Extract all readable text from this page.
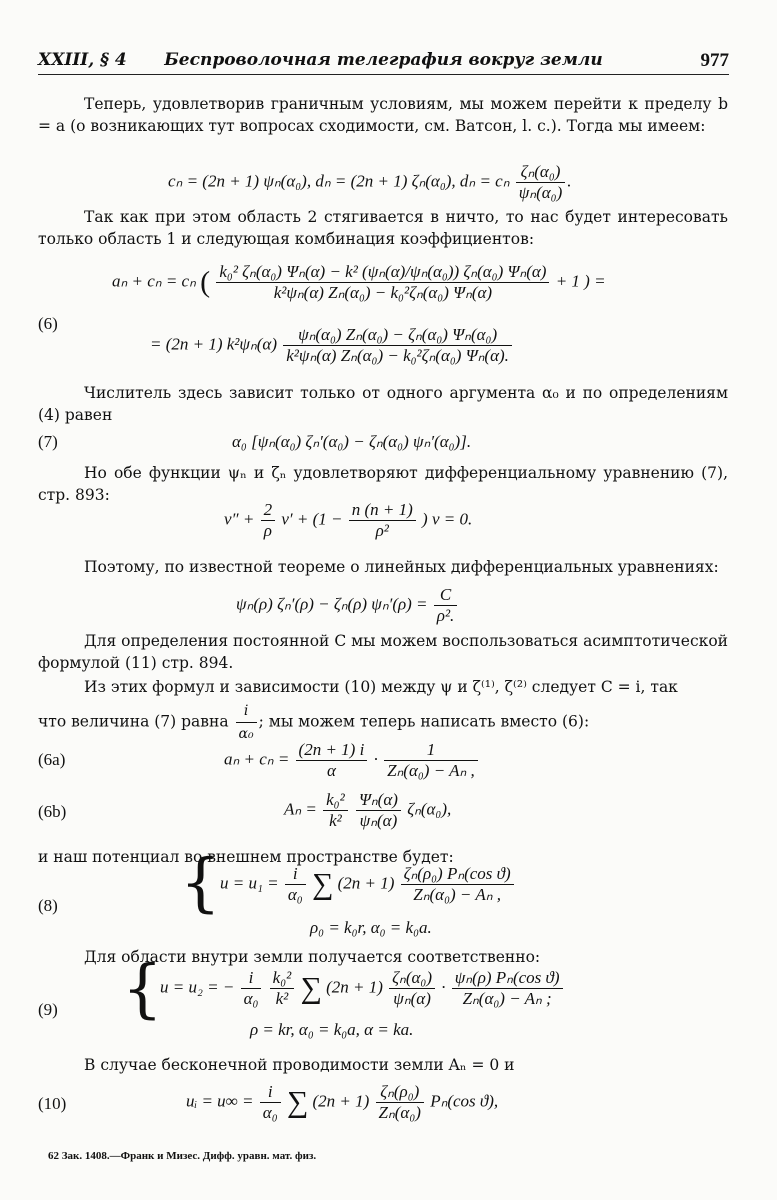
XXIII, § 4	Беспроволочная телеграфия вокруг земли	977
Теперь, удовлетворив граничным условиям, мы можем перейти к пределу b = a (о возникающих тут вопросах сходимости, см. Ватсон, l. c.). Тогда мы имеем:
cₙ = (2n + 1) ψₙ(α₀), dₙ = (2n + 1) ζₙ(α₀), dₙ = cₙ $\frac{\text{ζₙ(α₀)}}{\text{ψₙ(α₀)}}$ .
Так как при этом область 2 стягивается в ничто, то нас будет интересовать только область 1 и следующая комбинация коэффициентов:
(6)
aₙ + cₙ = cₙ ( $\frac{\text{k₀² ζₙ(α₀) Ψₙ(α) − k² (ψₙ(α)/ψₙ(α₀)) ζₙ(α₀) Ψₙ(α)}}{\text{k²ψₙ(α) Zₙ(α₀) − k₀²ζₙ(α₀) Ψₙ(α)}} + 1$ ) =
= (2n + 1) $k^2\psi_n(\alpha) \frac{\text{ψₙ(α₀) Zₙ(α₀) − ζₙ(α₀) Ψₙ(α₀)}}{\text{k²ψₙ(α) Zₙ(α₀) − k₀²ζₙ(α₀) Ψₙ(α).}}$
Числитель здесь зависит только от одного аргумента α₀ и по определениям (4) равен
(7)	α₀ [ψₙ(α₀) ζₙ′(α₀) − ζₙ(α₀) ψₙ′(α₀)].
Но обе функции ψₙ и ζₙ удовлетворяют дифференциальному уравнению (7), стр. 893:
$v'' + \frac{2}{\rho} v' + (1 - \frac{n (n + 1)}{\text{ρ²}}$ ) v = 0.
Поэтому, по известной теореме о линейных дифференциальных уравнениях:
ψₙ(ρ) ζₙ′(ρ) − ζₙ(ρ) $\psi_n'(\rho) = \frac{C}{\text{ρ².}}$
Для определения постоянной C мы можем воспользоваться асимптотической формулой (11) стр. 894.
Из этих формул и зависимости (10) между ψ и ζ⁽¹⁾, ζ⁽²⁾ следует C = i, так
что величина (7) равна $\frac{i}{\text{α₀}}$ ; мы можем теперь написать вместо (6):
(6a)	$a_n + c_n = \frac{(2n + 1) i}{\alpha} \cdot \frac{1}{\text{Zₙ(α₀) − Aₙ ,}}$
(6b)	$A_n = \frac{\text{k₀²}}{\text{k²}}$
$\frac{\text{Ψₙ(α)}}{\text{ψₙ(α)}} \zeta_n(\alpha_0)$,
и наш потенциал во внешнем пространстве будет:
(8) { $u = u_1 = \frac{i}{\text{α₀}}$ ∑ $(2n + 1) \frac{\text{ζₙ(ρ₀) Pₙ(cos ϑ)}}{\text{Zₙ(α₀) − Aₙ ,}}$
ρ₀ = k₀r, α₀ = k₀a.
Для области внутри земли получается соответственно:
(9) {
u = u₂ = − $\frac{i}{\text{α₀}}$
$\frac{\text{k₀²}}{\text{k²}}$ ∑ $(2n + 1) \frac{\text{ζₙ(α₀)}}{\text{ψₙ(α)}} \cdot \frac{\text{ψₙ(ρ) Pₙ(cos ϑ)}}{\text{Zₙ(α₀) − Aₙ ;}}$
ρ = kr, α₀ = k₀a, α = ka.
В случае бесконечной проводимости земли Aₙ = 0 и
(10)	uᵢ = $u\infty = \frac{i}{\text{α₀}}$ ∑ $(2n + 1) \frac{\text{ζₙ(ρ₀)}}{\text{Zₙ(α₀)}} P_n(\cos$ ϑ),
62 Зак. 1408.—Франк и Мизес. Дифф. уравн. мат. физ.
